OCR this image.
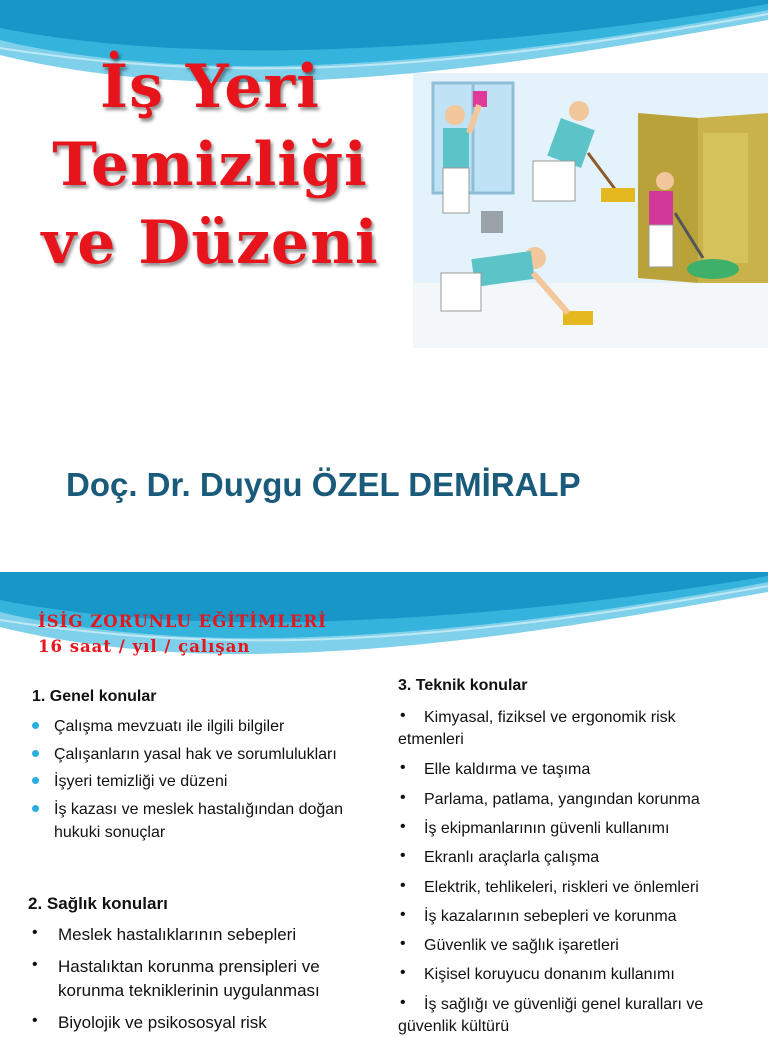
İş Yeri
Temizliği
ve Düzeni
Doç. Dr. Duygu ÖZEL DEMİRALP
İSİG ZORUNLU EĞİTİMLERİ
16 saat / yıl / çalışan
1. Genel konular
Çalışma mevzuatı ile ilgili bilgiler
Çalışanların yasal hak ve sorumlulukları
İşyeri temizliği ve düzeni
İş kazası ve meslek hastalığından doğan
hukuki sonuçlar
2. Sağlık konuları
• Meslek hastalıklarının sebepleri
• Hastalıktan korunma prensipleri ve
korunma tekniklerinin uygulanması
• Biyolojik ve psikososyal risk
3. Teknik konular
• Kimyasal, fiziksel ve ergonomik risk
etmenleri
• Elle kaldırma ve taşıma
• Parlama, patlama, yangından korunma
• İş ekipmanlarının güvenli kullanımı
• Ekranlı araçlarla çalışma
• Elektrik, tehlikeleri, riskleri ve önlemleri
• İş kazalarının sebepleri ve korunma
• Güvenlik ve sağlık işaretleri
• Kişisel koruyucu donanım kullanımı
• İş sağlığı ve güvenliği genel kuralları ve
güvenlik kültürü
